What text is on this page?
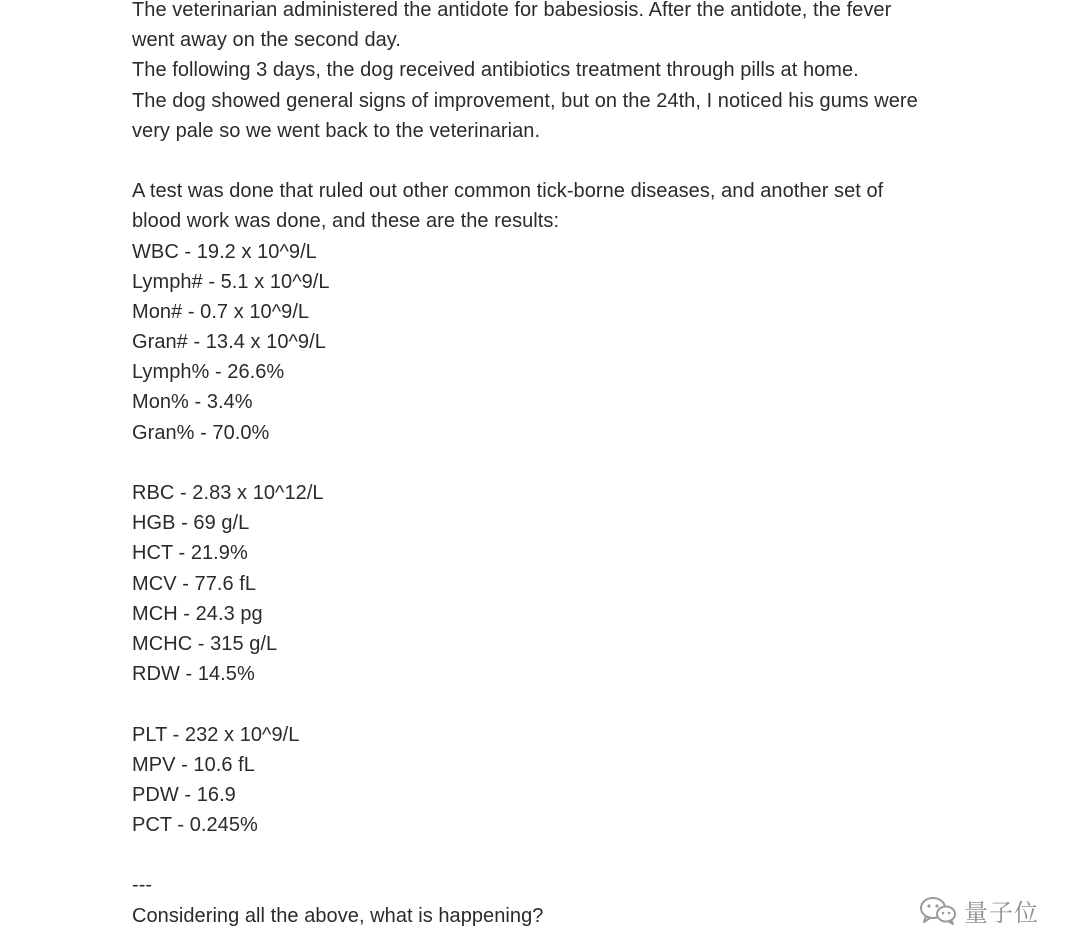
The veterinarian administered the antidote for babesiosis. After the antidote, the fever
went away on the second day.
The following 3 days, the dog received antibiotics treatment through pills at home.
The dog showed general signs of improvement, but on the 24th, I noticed his gums were
very pale so we went back to the veterinarian.
A test was done that ruled out other common tick-borne diseases, and another set of
blood work was done, and these are the results:
WBC - 19.2 x 10^9/L
Lymph# - 5.1 x 10^9/L
Mon# - 0.7 x 10^9/L
Gran# - 13.4 x 10^9/L
Lymph% - 26.6%
Mon% - 3.4%
Gran% - 70.0%
RBC - 2.83 x 10^12/L
HGB - 69 g/L
HCT - 21.9%
MCV - 77.6 fL
MCH - 24.3 pg
MCHC - 315 g/L
RDW - 14.5%
PLT - 232 x 10^9/L
MPV - 10.6 fL
PDW - 16.9
PCT - 0.245%
---
Considering all the above, what is happening?	量子位
